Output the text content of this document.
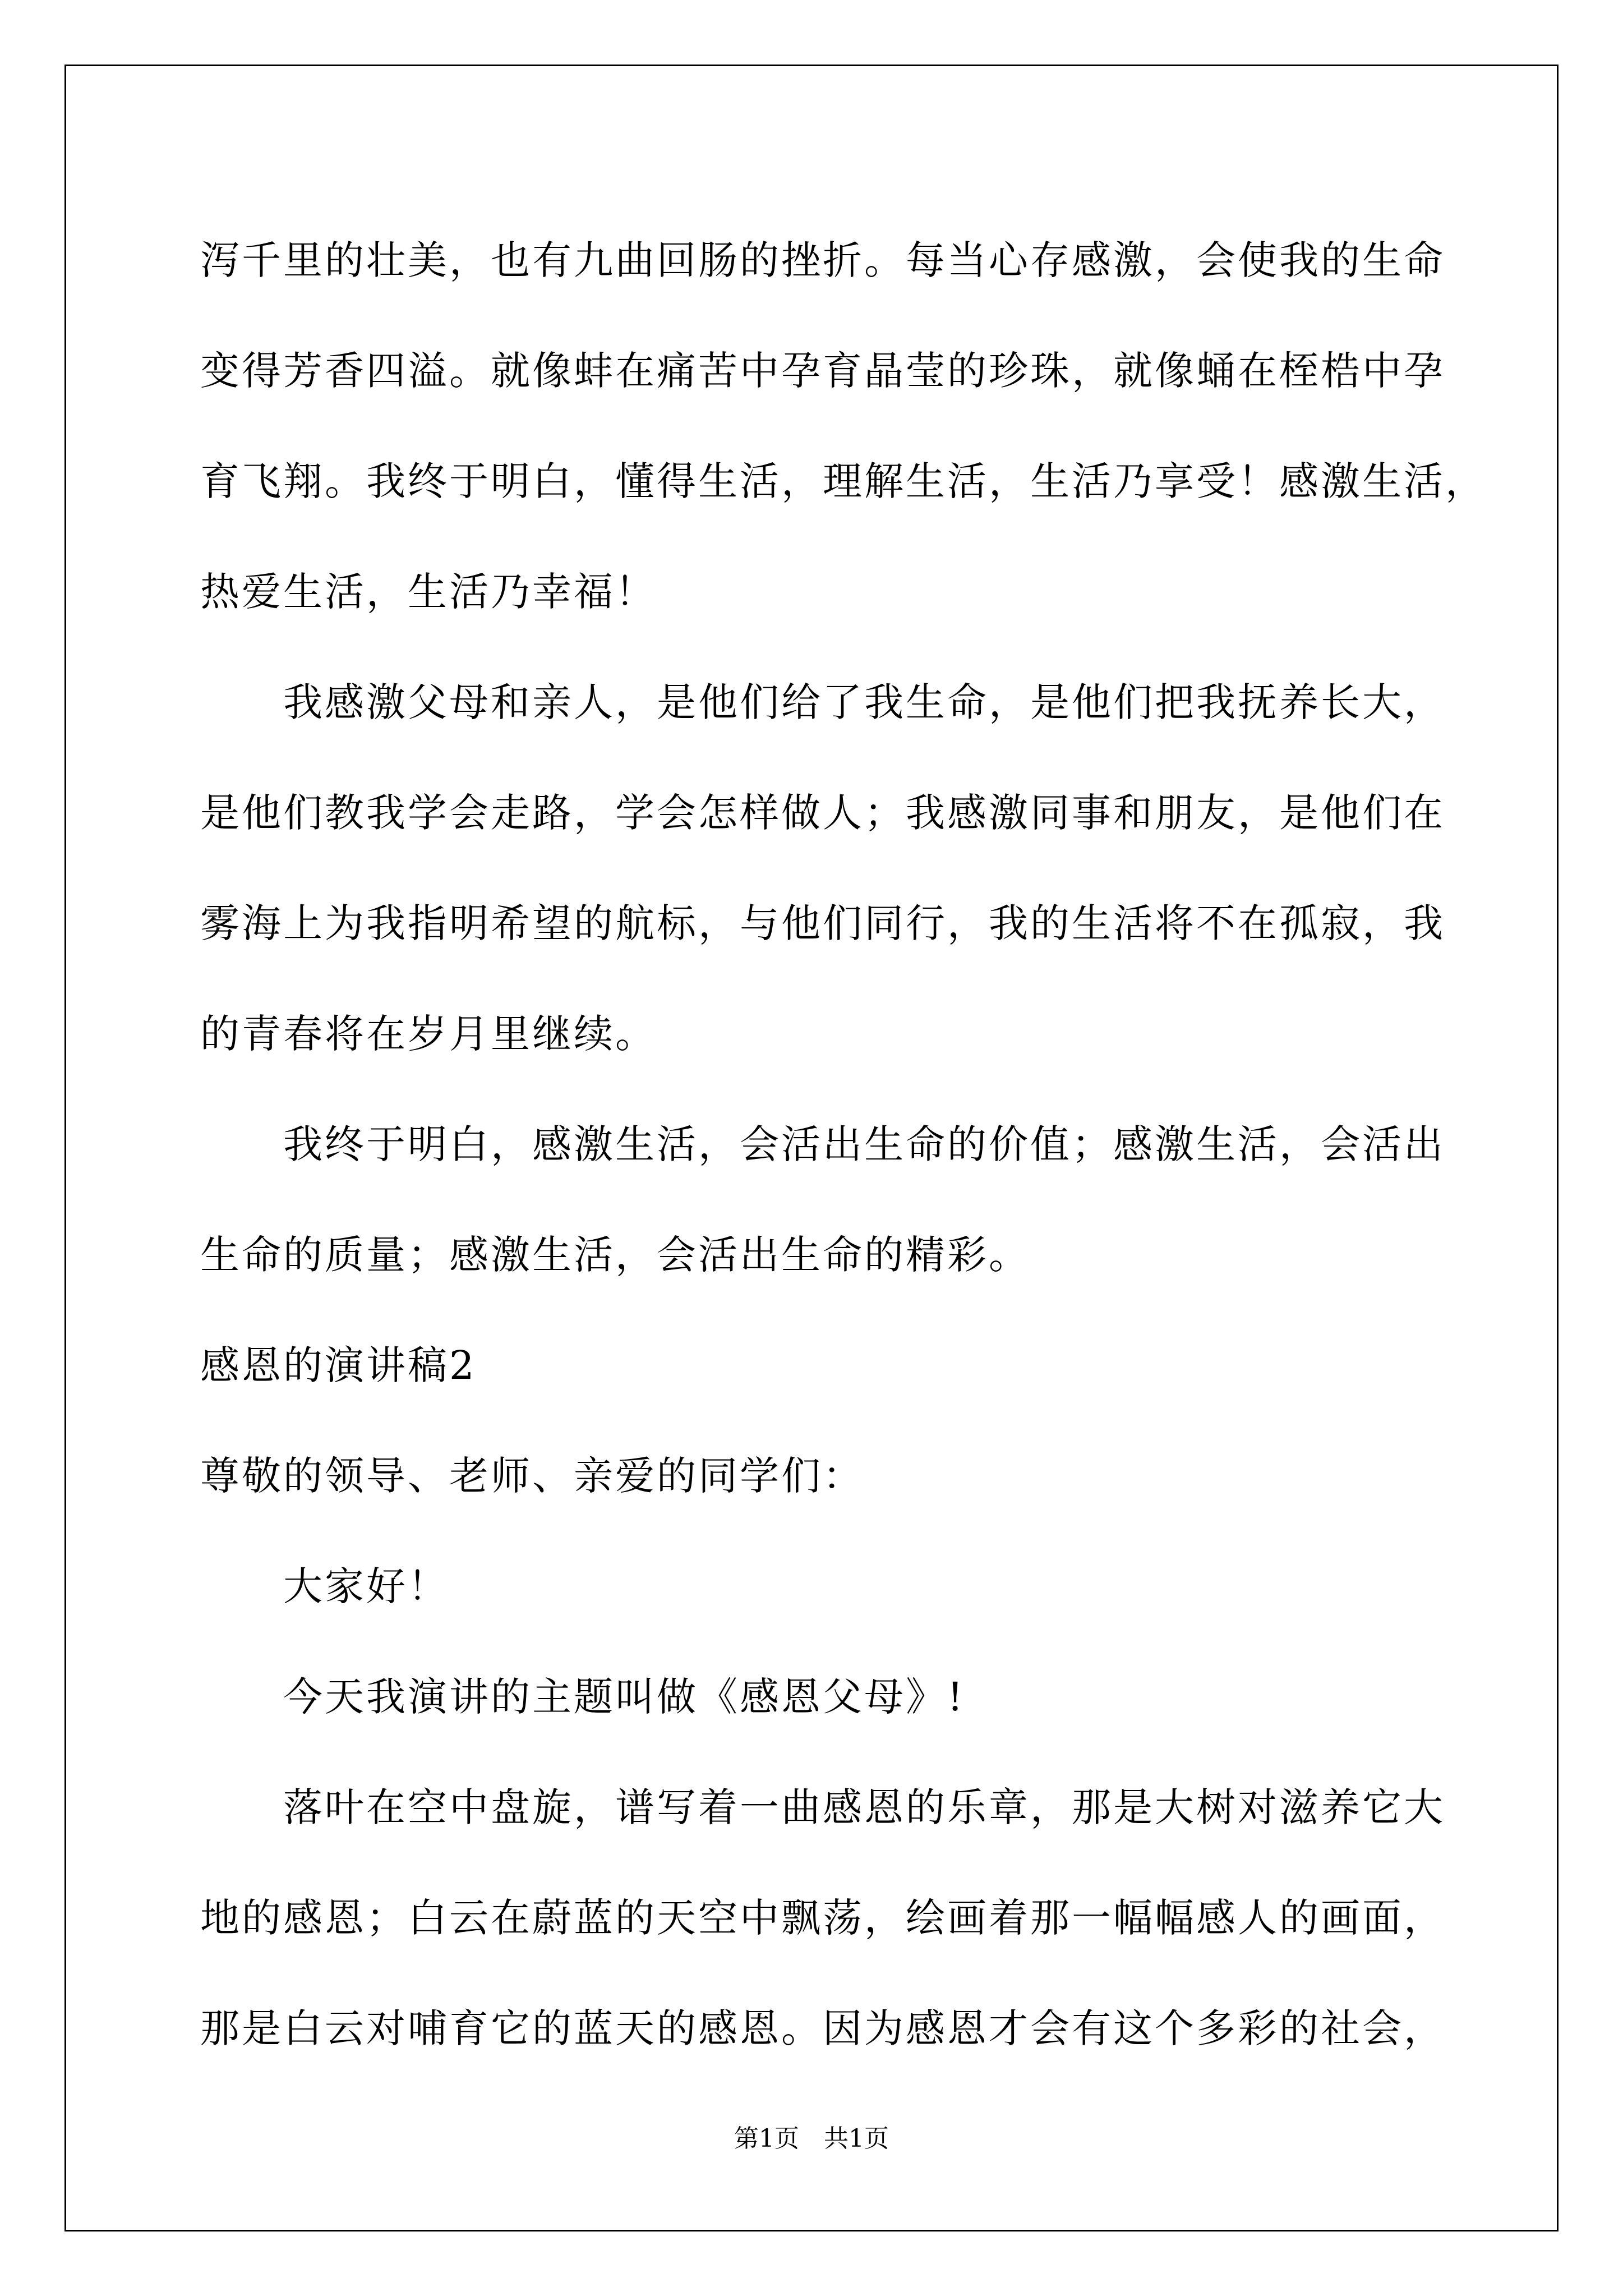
泻千里的壮美，也有九曲回肠的挫折。每当心存感激，会使我的生命

变得芳香四溢。就像蚌在痛苦中孕育晶莹的珍珠，就像蛹在桎梏中孕

育飞翔。我终于明白，懂得生活，理解生活，生活乃享受！感激生活，

热爱生活，生活乃幸福！

我感激父母和亲人，是他们给了我生命，是他们把我抚养长大，

是他们教我学会走路，学会怎样做人；我感激同事和朋友，是他们在

雾海上为我指明希望的航标，与他们同行，我的生活将不在孤寂，我

的青春将在岁月里继续。

我终于明白，感激生活，会活出生命的价值；感激生活，会活出

生命的质量；感激生活，会活出生命的精彩。

感恩的演讲稿2

尊敬的领导、老师、亲爱的同学们：

大家好！

今天我演讲的主题叫做《感恩父母》!

落叶在空中盘旋，谱写着一曲感恩的乐章，那是大树对滋养它大

地的感恩；白云在蔚蓝的天空中飘荡，绘画着那一幅幅感人的画面，

那是白云对哺育它的蓝天的感恩。因为感恩才会有这个多彩的社会，

第1页　共1页
